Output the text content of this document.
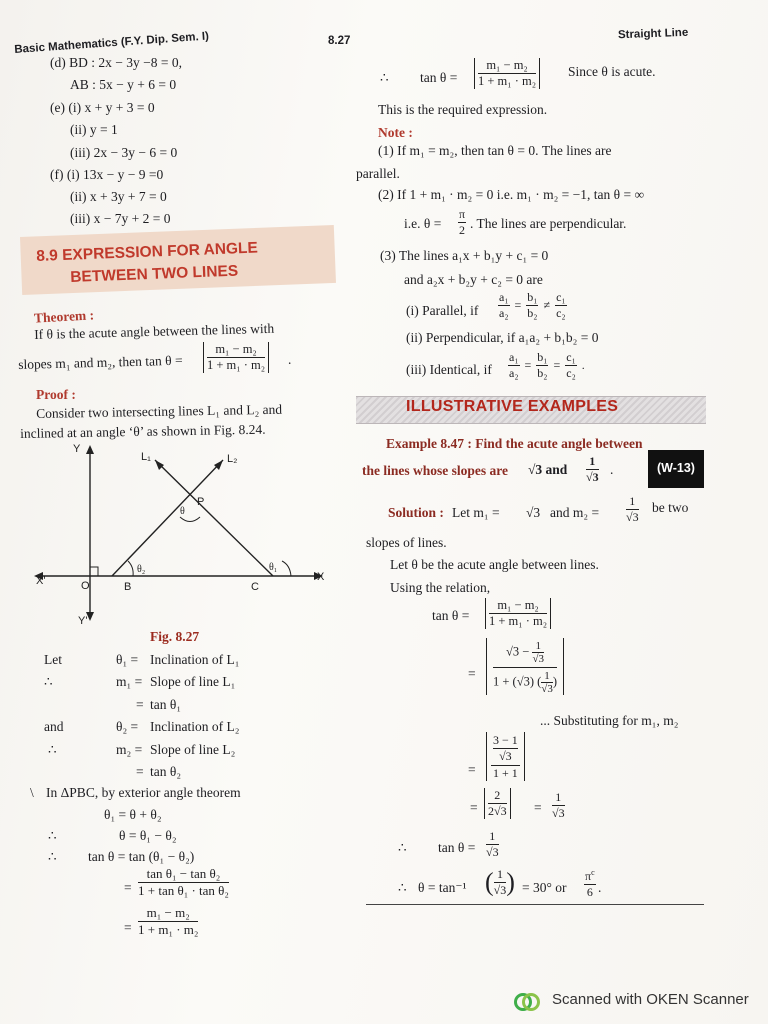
Basic Mathematics (F.Y. Dip. Sem. I)	8.27	Straight Line
(d) BD : 2x − 3y −8 = 0,
AB : 5x − y + 6 = 0
(e) (i) x + y + 3 = 0
(ii) y = 1
(iii) 2x − 3y − 6 = 0
(f) (i) 13x − y − 9 =0
(ii) x + 3y + 7 = 0
(iii) x − 7y + 2 = 0
8.9 EXPRESSION FOR ANGLE
BETWEEN TWO LINES
Theorem :
If θ is the acute angle between the lines with
slopes m₁ and m₂, then $\tan \theta = \frac{\text{m₁ − m₂}}{\text{1 + m₁ · m₂}}$ .
Proof :
Consider two intersecting lines L₁ and L₂ and
inclined at an angle ‘θ’ as shown in Fig. 8.24.
Y
Y'
X'	X
O	B	C
P
L₁	L₂
θ
θ₂	θ₁
Fig. 8.27
Let	θ₁ = Inclination of L₁
∴	m₁ = Slope of line L₁
= tan θ₁
and	θ₂ = Inclination of L₂
∴	m₂ = Slope of line L₂
= tan θ₂
\ In ΔPBC, by exterior angle theorem
θ₁ = θ + θ₂
∴	θ = θ₁ − θ₂
∴ tan θ = tan (θ₁ − θ₂)
= $\frac{\text{tan θ₁ − tan θ₂}}{\text{1 + tan θ₁ · tan θ₂}}$
= $\frac{\text{m₁ − m₂}}{\text{1 + m₁ · m₂}}$
∴ $\tan \theta = \frac{\text{m₁ − m₂}}{\text{1 + m₁ · m₂}}$ Since θ is acute.
This is the required expression.
Note :
(1) If m₁ = m₂, then tan θ = 0. The lines are
parallel.
(2) If 1 + m₁ · m₂ = 0 i.e. m₁ · m₂ = −1, tan θ = ∞
i.e. $\theta = \frac{\pi}{2}$ . The lines are perpendicular.
(3) The lines a₁x + b₁y + c₁ = 0
and a₂x + b₂y + c₂ = 0 are
(i) Parallel, if $\frac{\text{a₁}}{\text{a₂}} = \frac{\text{b₁}}{\text{b₂}}$ ≠
c₁
c₂
(ii) Perpendicular, if a₁a₂ + b₁b₂ = 0
(iii) Identical, if $\frac{\text{a₁}}{\text{a₂}} = \frac{\text{b₁}}{\text{b₂}} = \frac{\text{c₁}}{\text{c₂}}$ .
ILLUSTRATIVE EXAMPLES
Example 8.47 : Find the acute angle between
the lines whose slopes are √3 and
1
√3 .	(W-13)
Solution : Let m₁ = √3 and m₂ =
1
√3
be two
slopes of lines.
Let θ be the acute angle between lines.
Using the relation,
tan θ =
m₁ − m₂
1 + m₁ · m₂
=
$√3 - \frac{1}{√3}$
1 + (√3) ( $\frac{1}{√3}$ )
... Substituting for m₁, m₂
=
$\frac{3 - 1}{√3}$
1 + 1
=
2
2√3 =
1
√3
∴ tan θ =
1
√3
∴ θ = tan⁻¹ ( $\frac{1}{√3}$ ) = 30° or
$\pi^c$
6 .
Scanned with OKEN Scanner
